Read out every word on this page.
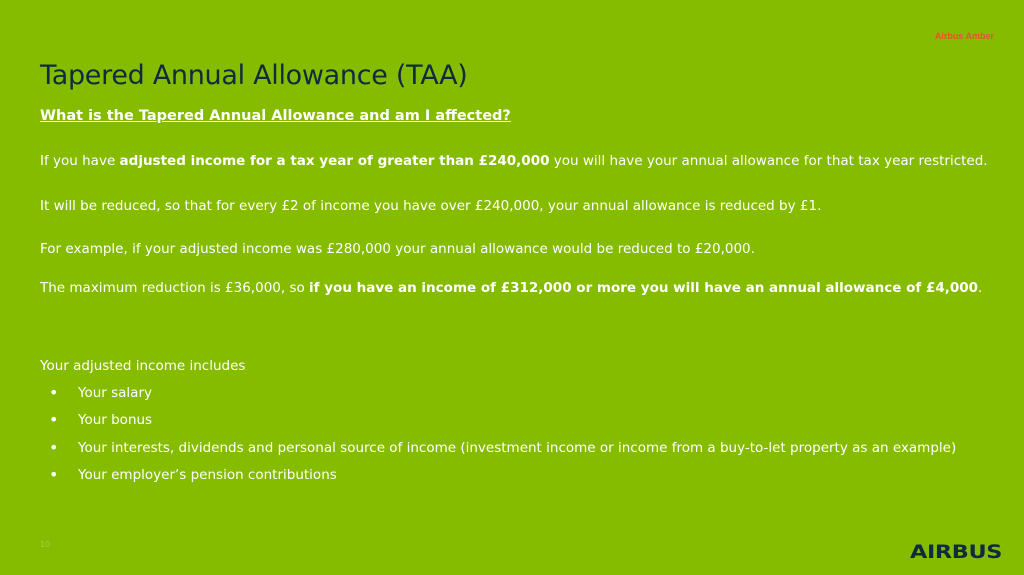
Airbus Amber
Tapered Annual Allowance (TAA)

What is the Tapered Annual Allowance and am I affected?

If you have adjusted income for a tax year of greater than £240,000 you will have your annual allowance for that tax year restricted.

It will be reduced, so that for every £2 of income you have over £240,000, your annual allowance is reduced by £1.

For example, if your adjusted income was £280,000 your annual allowance would be reduced to £20,000.

The maximum reduction is £36,000, so if you have an income of £312,000 or more you will have an annual allowance of £4,000.

Your adjusted income includes

• Your salary
• Your bonus
• Your interests, dividends and personal source of income (investment income or income from a buy-to-let property as an example)
• Your employer’s pension contributions
10	AIRBUS
